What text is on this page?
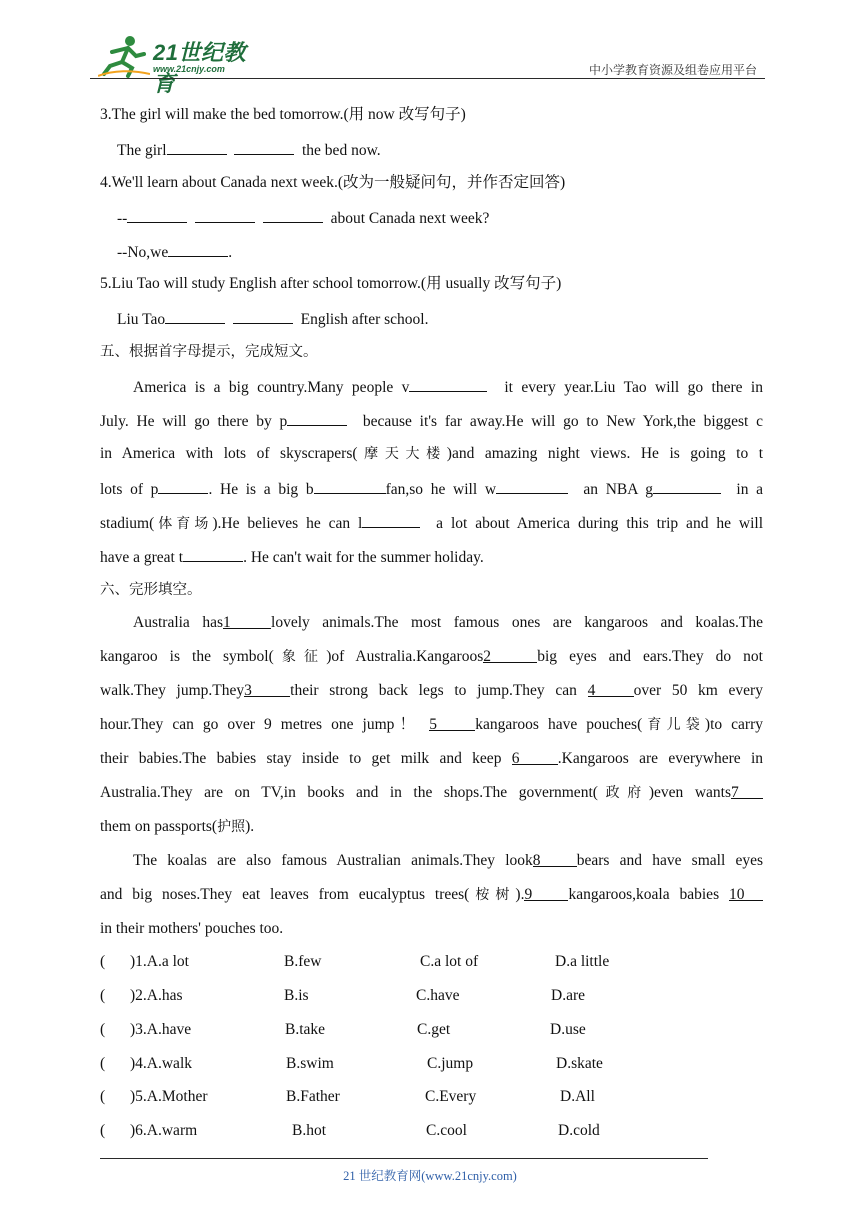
21世纪教育
www.21cnjy.com	中小学教育资源及组卷应用平台
3.The girl will make the bed tomorrow.(用 now 改写句子)
The girl	the bed now.
4.We'll learn about Canada next week.(改为一般疑问句，并作否定回答)
--	about Canada next week?
--No,we	.
5.Liu Tao will study English after school tomorrow.(用 usually 改写句子)
Liu Tao	English after school.
五、根据首字母提示，完成短文。
America is a big country.Many people v	it every year.Liu Tao will go there in
July. He will go there by p	because it's far away.He will go to New York,the biggest c
in America with lots of skyscrapers(摩天大楼)and amazing night views. He is going to t
lots of p	. He is a big b	fan,so he will w	an NBA g	in a
stadium(体育场).He believes he can l	a lot about America during this trip and he will
have a great t	. He can't wait for the summer holiday.
六、完形填空。
Australia has1	lovely animals.The most famous ones are kangaroos and koalas.The
kangaroo is the symbol(象征)of Australia.Kangaroos2	big eyes and ears.They do not
walk.They jump.They3 their strong back legs to jump.They can 4 over 50 km every
hour.They can go over 9 metres one jump！ 5 kangaroos have pouches(育儿袋)to carry
their babies.The babies stay inside to get milk and keep 6 .Kangaroos are everywhere in
Australia.They are on TV,in books and in the shops.The government(政府)even wants7
them on passports(护照).
The koalas are also famous Australian animals.They look8 bears and have small eyes
and big noses.They eat leaves from eucalyptus trees(桉树).9 kangaroos,koala babies 10
in their mothers' pouches too.
( )1.A.a lot	B.few	C.a lot of	D.a little
( )2.A.has	B.is	C.have	D.are
( )3.A.have	B.take	C.get	D.use
( )4.A.walk	B.swim	C.jump	D.skate
( )5.A.Mother	B.Father	C.Every	D.All
( )6.A.warm	B.hot	C.cool	D.cold
21 世纪教育网(www.21cnjy.com)
